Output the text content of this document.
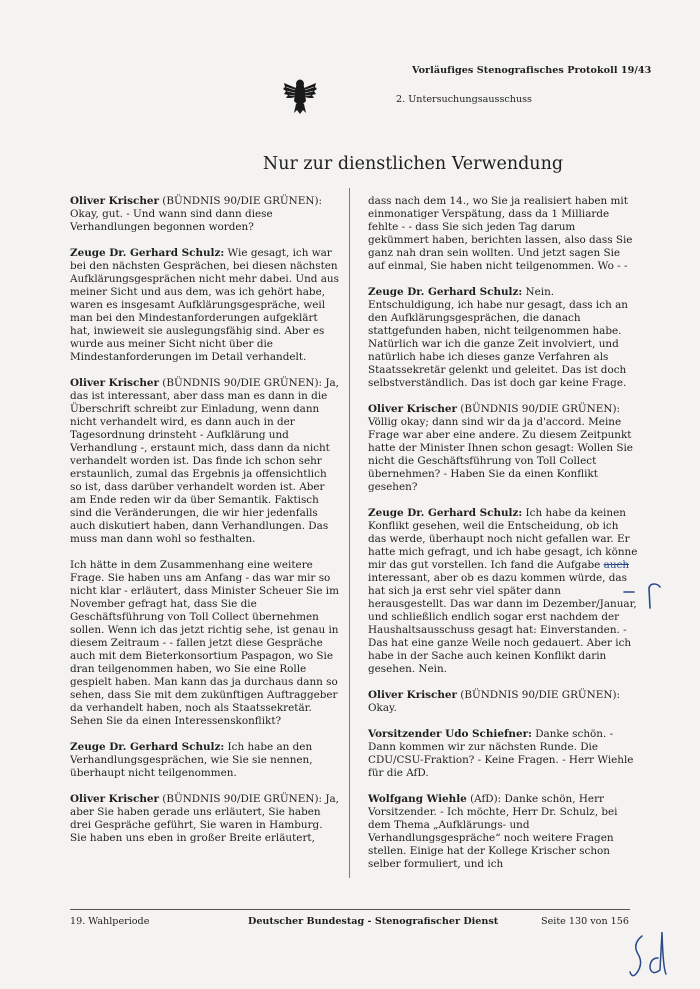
Vorläufiges Stenografisches Protokoll 19/43
2. Untersuchungsausschuss
Nur zur dienstlichen Verwendung

Oliver Krischer (BÜNDNIS 90/DIE GRÜNEN): Okay, gut. - Und wann sind dann diese Verhandlungen begonnen worden?

Zeuge Dr. Gerhard Schulz: Wie gesagt, ich war bei den nächsten Gesprächen, bei diesen nächsten Aufklärungsgesprächen nicht mehr dabei. Und aus meiner Sicht und aus dem, was ich gehört habe, waren es insgesamt Aufklärungsgespräche, weil man bei den Mindestanforderungen aufgeklärt hat, inwieweit sie auslegungsfähig sind. Aber es wurde aus meiner Sicht nicht über die Mindestanforderungen im Detail verhandelt.

Oliver Krischer (BÜNDNIS 90/DIE GRÜNEN): Ja, das ist interessant, aber dass man es dann in die Überschrift schreibt zur Einladung, wenn dann nicht verhandelt wird, es dann auch in der Tagesordnung drinsteht - Aufklärung und Verhandlung -, erstaunt mich, dass dann da nicht verhandelt worden ist. Das finde ich schon sehr erstaunlich, zumal das Ergebnis ja offensichtlich so ist, dass darüber verhandelt worden ist. Aber am Ende reden wir da über Semantik. Faktisch sind die Veränderungen, die wir hier jedenfalls auch diskutiert haben, dann Verhandlungen. Das muss man dann wohl so festhalten.

Ich hätte in dem Zusammenhang eine weitere Frage. Sie haben uns am Anfang - das war mir so nicht klar - erläutert, dass Minister Scheuer Sie im November gefragt hat, dass Sie die Geschäftsführung von Toll Collect übernehmen sollen. Wenn ich das jetzt richtig sehe, ist genau in diesem Zeitraum - - fallen jetzt diese Gespräche auch mit dem Bieterkonsortium Paspagon, wo Sie dran teilgenommen haben, wo Sie eine Rolle gespielt haben. Man kann das ja durchaus dann so sehen, dass Sie mit dem zukünftigen Auftraggeber da verhandelt haben, noch als Staatssekretär. Sehen Sie da einen Interessenskonflikt?

Zeuge Dr. Gerhard Schulz: Ich habe an den Verhandlungsgesprächen, wie Sie sie nennen, überhaupt nicht teilgenommen.

Oliver Krischer (BÜNDNIS 90/DIE GRÜNEN): Ja, aber Sie haben gerade uns erläutert, Sie haben drei Gespräche geführt, Sie waren in Hamburg. Sie haben uns eben in großer Breite erläutert,

dass nach dem 14., wo Sie ja realisiert haben mit einmonatiger Verspätung, dass da 1 Milliarde fehlte - - dass Sie sich jeden Tag darum gekümmert haben, berichten lassen, also dass Sie ganz nah dran sein wollten. Und jetzt sagen Sie auf einmal, Sie haben nicht teilgenommen. Wo - -

Zeuge Dr. Gerhard Schulz: Nein. Entschuldigung, ich habe nur gesagt, dass ich an den Aufklärungsgesprächen, die danach stattgefunden haben, nicht teilgenommen habe. Natürlich war ich die ganze Zeit involviert, und natürlich habe ich dieses ganze Verfahren als Staatssekretär gelenkt und geleitet. Das ist doch selbstverständlich. Das ist doch gar keine Frage.

Oliver Krischer (BÜNDNIS 90/DIE GRÜNEN): Völlig okay; dann sind wir da ja d'accord. Meine Frage war aber eine andere. Zu diesem Zeitpunkt hatte der Minister Ihnen schon gesagt: Wollen Sie nicht die Geschäftsführung von Toll Collect übernehmen? - Haben Sie da einen Konflikt gesehen?

Zeuge Dr. Gerhard Schulz: Ich habe da keinen Konflikt gesehen, weil die Entscheidung, ob ich das werde, überhaupt noch nicht gefallen war. Er hatte mich gefragt, und ich habe gesagt, ich könne mir das gut vorstellen. Ich fand die Aufgabe auch interessant, aber ob es dazu kommen würde, das hat sich ja erst sehr viel später dann herausgestellt. Das war dann im Dezember/Januar, und schließlich endlich sogar erst nachdem der Haushaltsausschuss gesagt hat: Einverstanden. - Das hat eine ganze Weile noch gedauert. Aber ich habe in der Sache auch keinen Konflikt darin gesehen. Nein.

Oliver Krischer (BÜNDNIS 90/DIE GRÜNEN): Okay.

Vorsitzender Udo Schiefner: Danke schön. - Dann kommen wir zur nächsten Runde. Die CDU/CSU-Fraktion? - Keine Fragen. - Herr Wiehle für die AfD.

Wolfgang Wiehle (AfD): Danke schön, Herr Vorsitzender. - Ich möchte, Herr Dr. Schulz, bei dem Thema „Aufklärungs- und Verhandlungsgespräche“ noch weitere Fragen stellen. Einige hat der Kollege Krischer schon selber formuliert, und ich

19. Wahlperiode	Deutscher Bundestag - Stenografischer Dienst	Seite 130 von 156
